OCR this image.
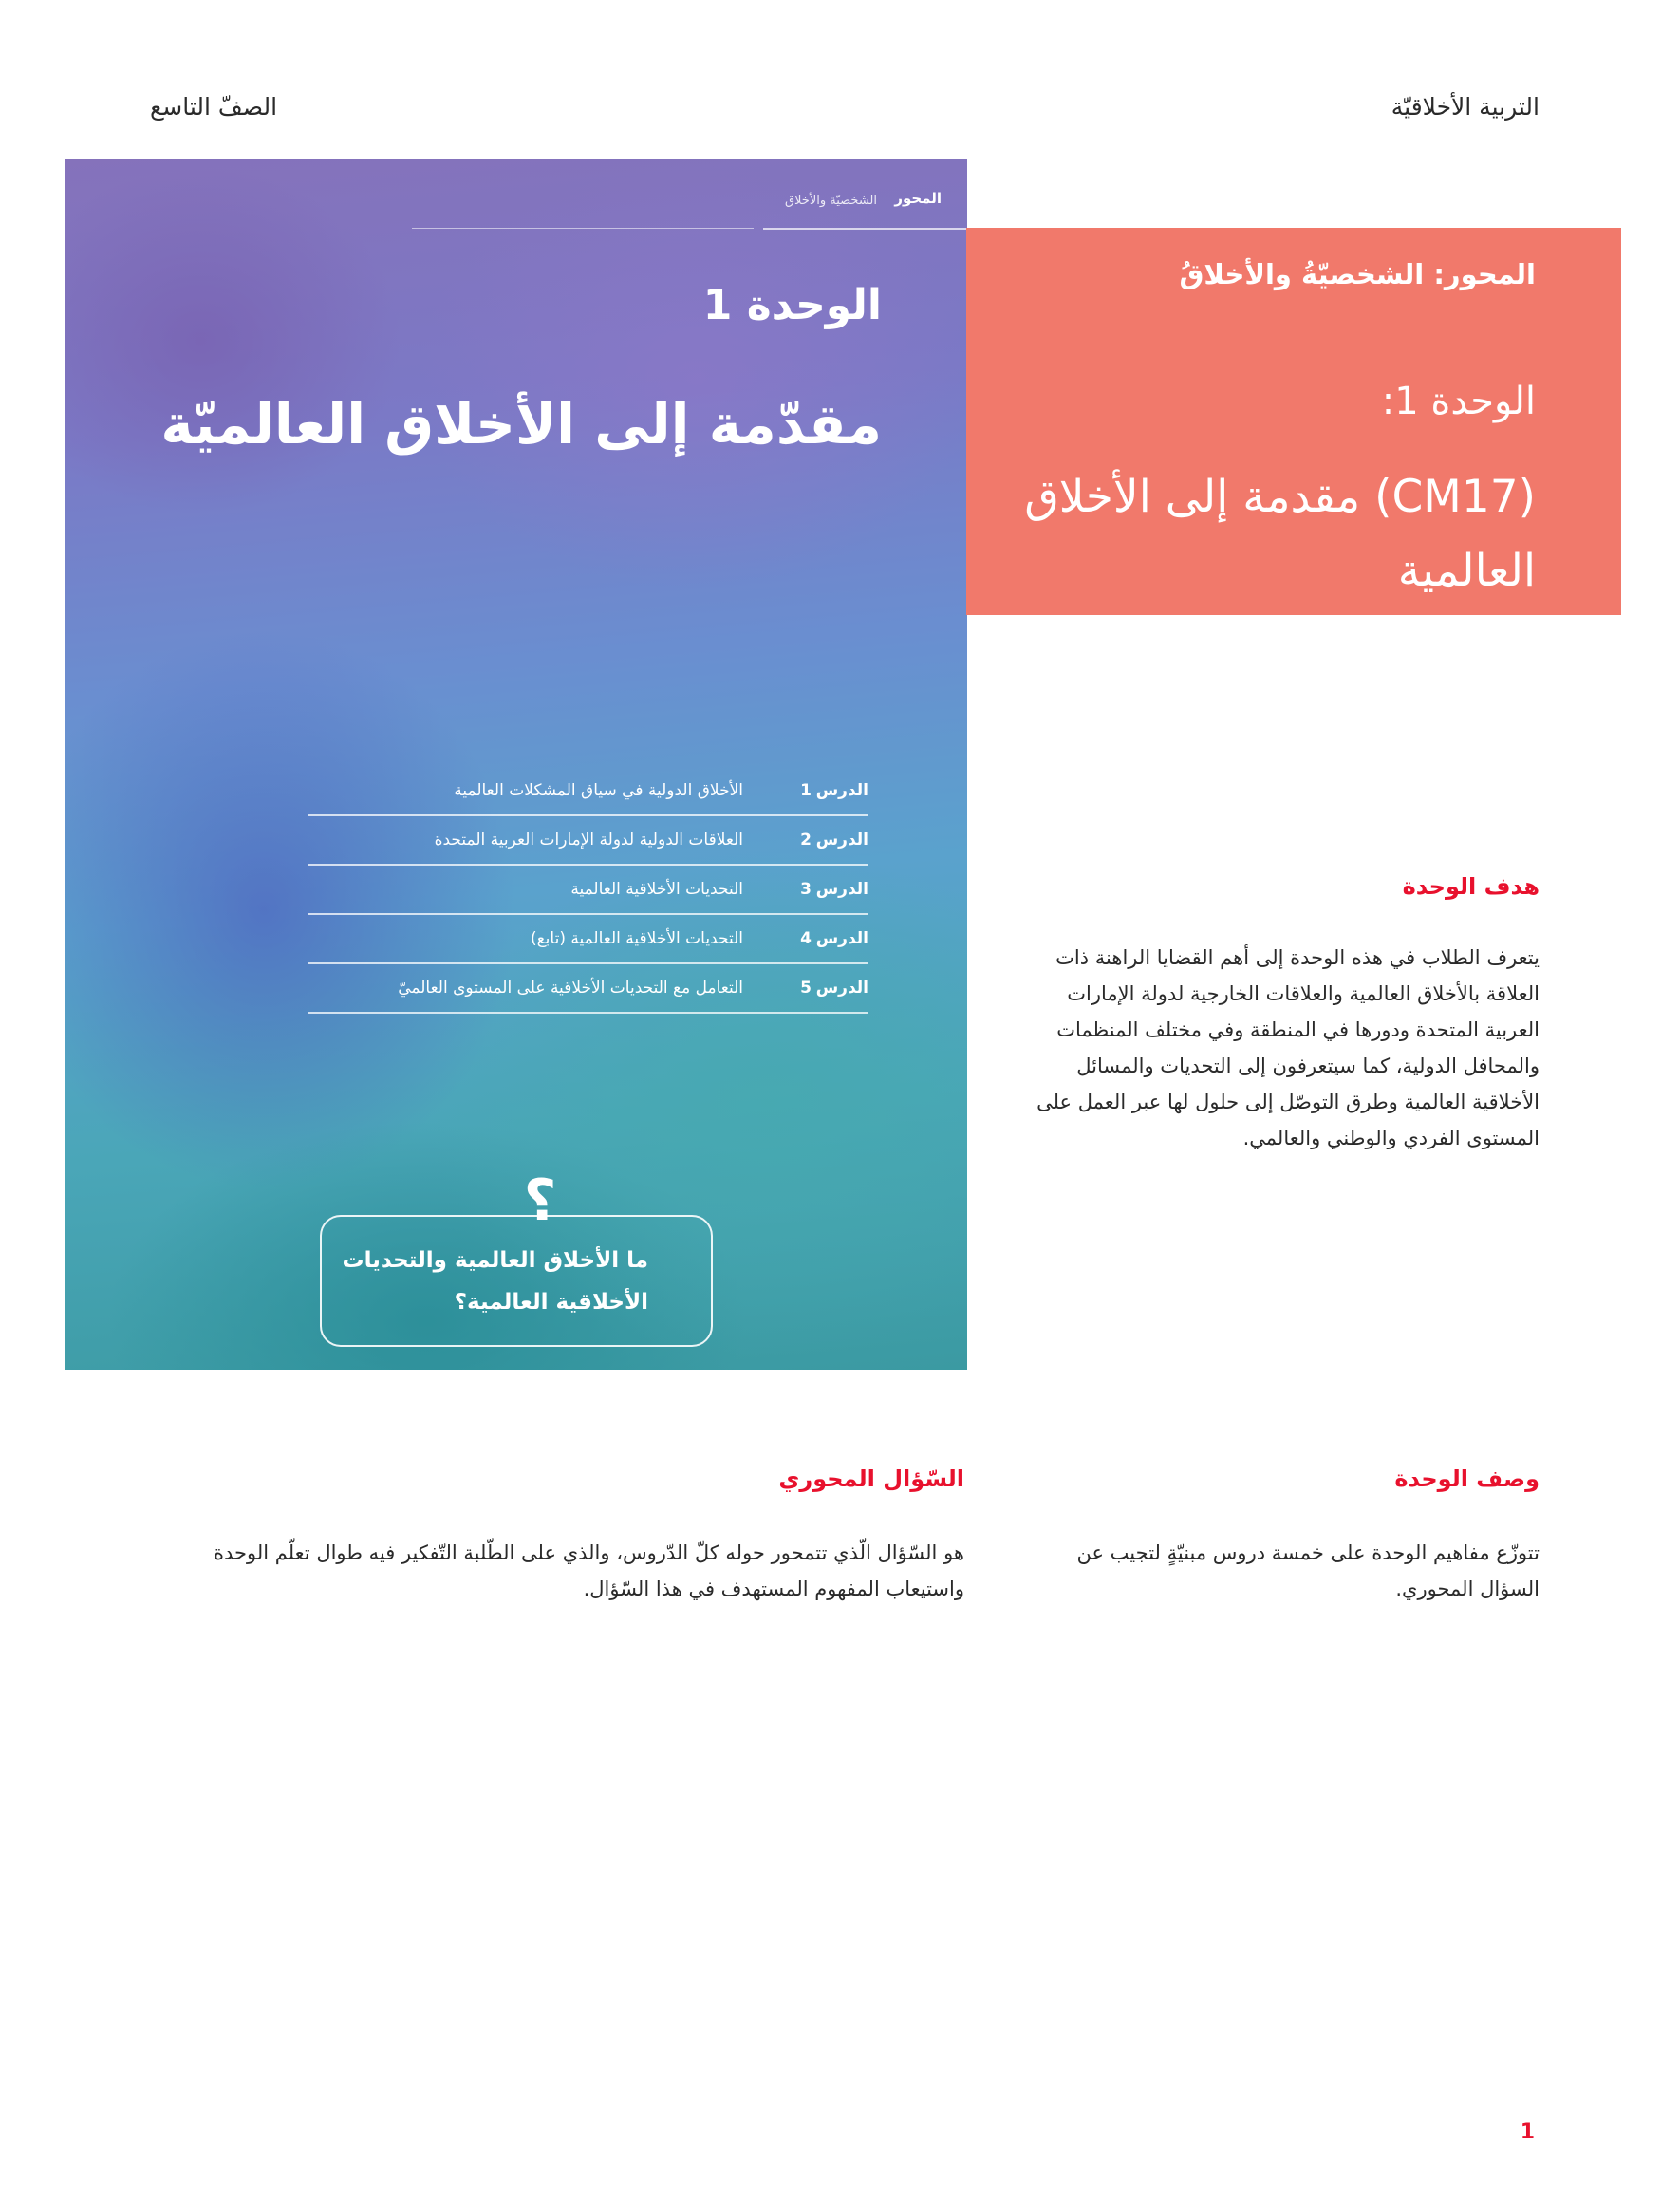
التربية الأخلاقيّة
الصفّ التاسع
المحور
الشخصيّة والأخلاق
الوحدة 1
مقدّمة إلى الأخلاق العالميّة
الدرس
1
الأخلاق الدولية في سياق المشكلات العالمية
الدرس
2
العلاقات الدولية لدولة الإمارات العربية المتحدة
الدرس
3
التحديات الأخلاقية العالمية
الدرس
4
التحديات الأخلاقية العالمية (تابع)
الدرس
5
التعامل مع التحديات الأخلاقية على المستوى العالميّ
؟
ما الأخلاق العالمية والتحديات الأخلاقية العالمية؟
المحور: الشخصيّةُ والأخلاقُ
الوحدة 1:
(CM17) مقدمة إلى الأخلاق العالمية
هدف الوحدة
يتعرف الطلاب في هذه الوحدة إلى أهم القضايا الراهنة ذات العلاقة بالأخلاق العالمية والعلاقات الخارجية لدولة الإمارات العربية المتحدة ودورها في المنطقة وفي مختلف المنظمات والمحافل الدولية، كما سيتعرفون إلى التحديات والمسائل الأخلاقية العالمية وطرق التوصّل إلى حلول لها عبر العمل على المستوى الفردي والوطني والعالمي.
وصف الوحدة
تتوزّع مفاهيم الوحدة على خمسة دروس مبنيّةٍ لتجيب عن السؤال المحوري.
السّؤال المحوري
هو السّؤال الّذي تتمحور حوله كلّ الدّروس، والذي على الطّلبة التّفكير فيه طوال تعلّم الوحدة واستيعاب المفهوم المستهدف في هذا السّؤال.
1
